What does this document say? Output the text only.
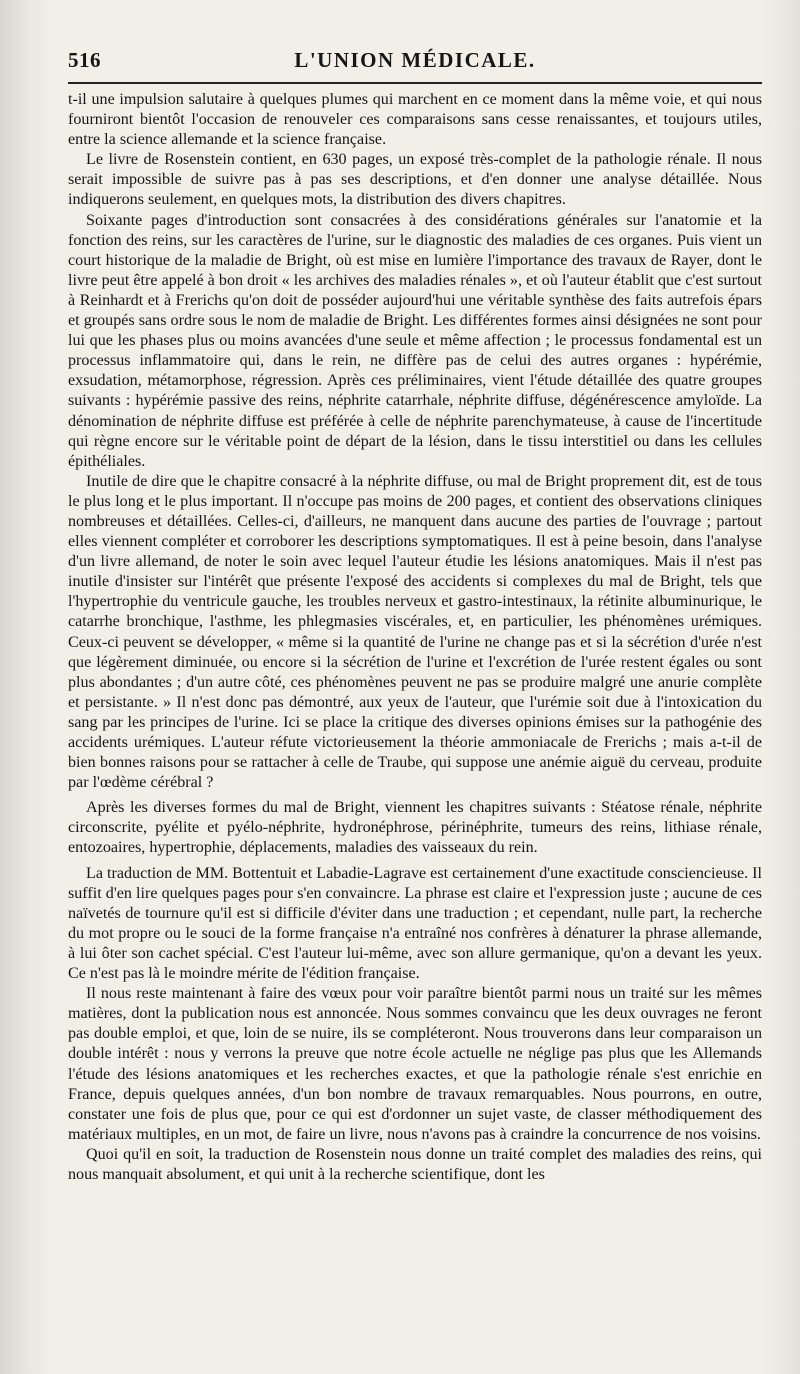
516	L'UNION MÉDICALE.

t-il une impulsion salutaire à quelques plumes qui marchent en ce moment dans la même voie, et qui nous fourniront bientôt l'occasion de renouveler ces comparaisons sans cesse renaissantes, et toujours utiles, entre la science allemande et la science française.

Le livre de Rosenstein contient, en 630 pages, un exposé très-complet de la pathologie rénale. Il nous serait impossible de suivre pas à pas ses descriptions, et d'en donner une analyse détaillée. Nous indiquerons seulement, en quelques mots, la distribution des divers chapitres.

Soixante pages d'introduction sont consacrées à des considérations générales sur l'anatomie et la fonction des reins, sur les caractères de l'urine, sur le diagnostic des maladies de ces organes. Puis vient un court historique de la maladie de Bright, où est mise en lumière l'importance des travaux de Rayer, dont le livre peut être appelé à bon droit « les archives des maladies rénales », et où l'auteur établit que c'est surtout à Reinhardt et à Frerichs qu'on doit de posséder aujourd'hui une véritable synthèse des faits autrefois épars et groupés sans ordre sous le nom de maladie de Bright. Les différentes formes ainsi désignées ne sont pour lui que les phases plus ou moins avancées d'une seule et même affection ; le processus fondamental est un processus inflammatoire qui, dans le rein, ne diffère pas de celui des autres organes : hypérémie, exsudation, métamorphose, régression. Après ces préliminaires, vient l'étude détaillée des quatre groupes suivants : hypérémie passive des reins, néphrite catarrhale, néphrite diffuse, dégénérescence amyloïde. La dénomination de néphrite diffuse est préférée à celle de néphrite parenchymateuse, à cause de l'incertitude qui règne encore sur le véritable point de départ de la lésion, dans le tissu interstitiel ou dans les cellules épithéliales.

Inutile de dire que le chapitre consacré à la néphrite diffuse, ou mal de Bright proprement dit, est de tous le plus long et le plus important. Il n'occupe pas moins de 200 pages, et contient des observations cliniques nombreuses et détaillées. Celles-ci, d'ailleurs, ne manquent dans aucune des parties de l'ouvrage ; partout elles viennent compléter et corroborer les descriptions symptomatiques. Il est à peine besoin, dans l'analyse d'un livre allemand, de noter le soin avec lequel l'auteur étudie les lésions anatomiques. Mais il n'est pas inutile d'insister sur l'intérêt que présente l'exposé des accidents si complexes du mal de Bright, tels que l'hypertrophie du ventricule gauche, les troubles nerveux et gastro-intestinaux, la rétinite albuminurique, le catarrhe bronchique, l'asthme, les phlegmasies viscérales, et, en particulier, les phénomènes urémiques. Ceux-ci peuvent se développer, « même si la quantité de l'urine ne change pas et si la sécrétion d'urée n'est que légèrement diminuée, ou encore si la sécrétion de l'urine et l'excrétion de l'urée restent égales ou sont plus abondantes ; d'un autre côté, ces phénomènes peuvent ne pas se produire malgré une anurie complète et persistante. » Il n'est donc pas démontré, aux yeux de l'auteur, que l'urémie soit due à l'intoxication du sang par les principes de l'urine. Ici se place la critique des diverses opinions émises sur la pathogénie des accidents urémiques. L'auteur réfute victorieusement la théorie ammoniacale de Frerichs ; mais a-t-il de bien bonnes raisons pour se rattacher à celle de Traube, qui suppose une anémie aiguë du cerveau, produite par l'œdème cérébral ?

Après les diverses formes du mal de Bright, viennent les chapitres suivants : Stéatose rénale, néphrite circonscrite, pyélite et pyélo-néphrite, hydronéphrose, périnéphrite, tumeurs des reins, lithiase rénale, entozoaires, hypertrophie, déplacements, maladies des vaisseaux du rein.

La traduction de MM. Bottentuit et Labadie-Lagrave est certainement d'une exactitude consciencieuse. Il suffit d'en lire quelques pages pour s'en convaincre. La phrase est claire et l'expression juste ; aucune de ces naïvetés de tournure qu'il est si difficile d'éviter dans une traduction ; et cependant, nulle part, la recherche du mot propre ou le souci de la forme française n'a entraîné nos confrères à dénaturer la phrase allemande, à lui ôter son cachet spécial. C'est l'auteur lui-même, avec son allure germanique, qu'on a devant les yeux. Ce n'est pas là le moindre mérite de l'édition française.

Il nous reste maintenant à faire des vœux pour voir paraître bientôt parmi nous un traité sur les mêmes matières, dont la publication nous est annoncée. Nous sommes convaincu que les deux ouvrages ne feront pas double emploi, et que, loin de se nuire, ils se compléteront. Nous trouverons dans leur comparaison un double intérêt : nous y verrons la preuve que notre école actuelle ne néglige pas plus que les Allemands l'étude des lésions anatomiques et les recherches exactes, et que la pathologie rénale s'est enrichie en France, depuis quelques années, d'un bon nombre de travaux remarquables. Nous pourrons, en outre, constater une fois de plus que, pour ce qui est d'ordonner un sujet vaste, de classer méthodiquement des matériaux multiples, en un mot, de faire un livre, nous n'avons pas à craindre la concurrence de nos voisins.

Quoi qu'il en soit, la traduction de Rosenstein nous donne un traité complet des maladies des reins, qui nous manquait absolument, et qui unit à la recherche scientifique, dont les
